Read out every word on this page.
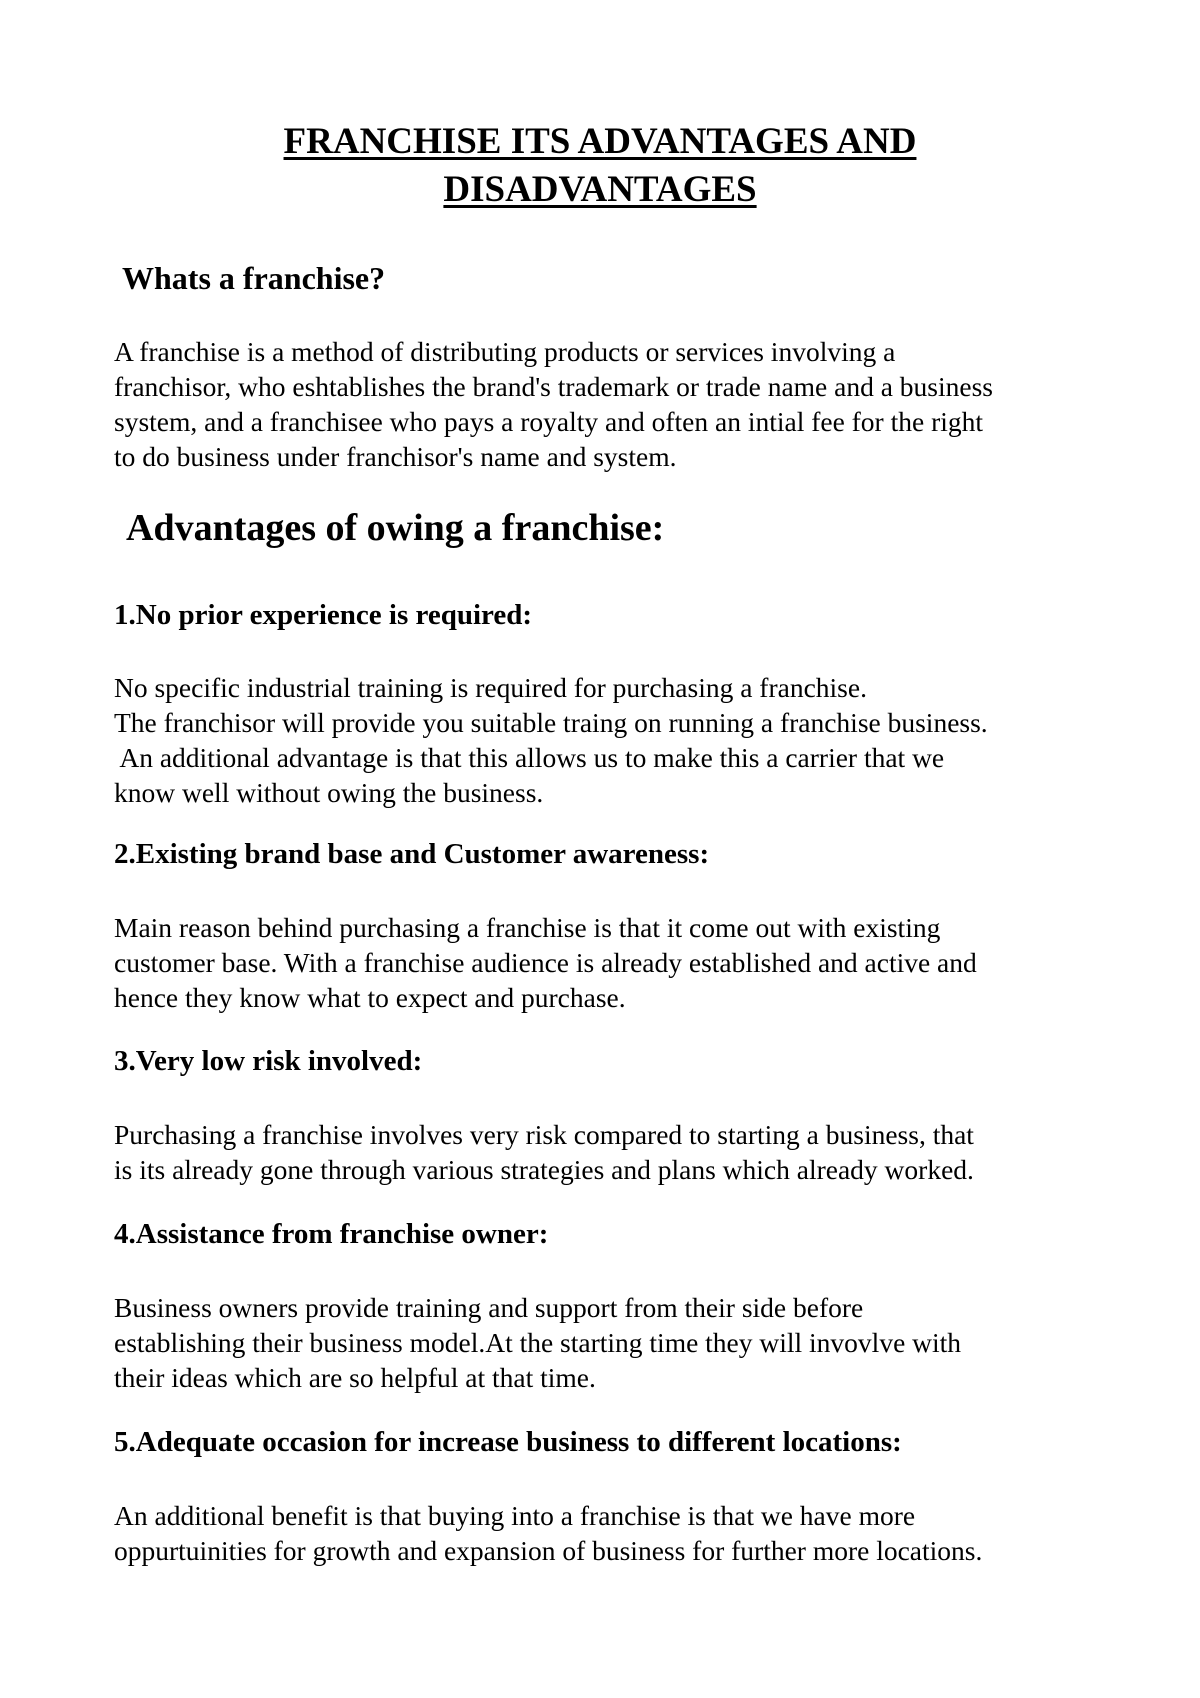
FRANCHISE ITS ADVANTAGES AND
DISADVANTAGES
Whats a franchise?
A franchise is a method of distributing products or services involving a
franchisor, who eshtablishes the brand's trademark or trade name and a business
system, and a franchisee who pays a royalty and often an intial fee for the right
to do business under franchisor's name and system.
Advantages of owing a franchise:
1.No prior experience is required:
No specific industrial training is required for purchasing a franchise.
The franchisor will provide you suitable traing on running a franchise business.
An additional advantage is that this allows us to make this a carrier that we
know well without owing the business.
2.Existing brand base and Customer awareness:
Main reason behind purchasing a franchise is that it come out with existing
customer base. With a franchise audience is already established and active and
hence they know what to expect and purchase.
3.Very low risk involved:
Purchasing a franchise involves very risk compared to starting a business, that
is its already gone through various strategies and plans which already worked.
4.Assistance from franchise owner:
Business owners provide training and support from their side before
establishing their business model.At the starting time they will invovlve with
their ideas which are so helpful at that time.
5.Adequate occasion for increase business to different locations:
An additional benefit is that buying into a franchise is that we have more
oppurtuinities for growth and expansion of business for further more locations.
